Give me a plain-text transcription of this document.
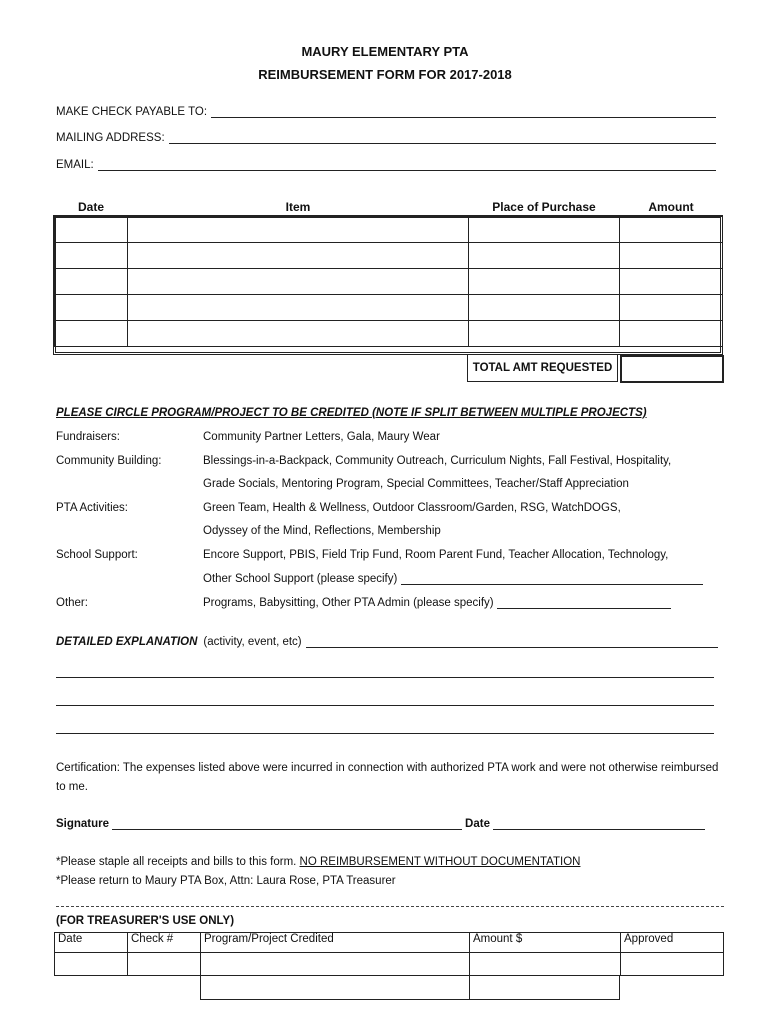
MAURY ELEMENTARY PTA
REIMBURSEMENT FORM FOR 2017-2018
MAKE CHECK PAYABLE TO:
MAILING ADDRESS:
EMAIL:
Date	Item	Place of Purchase	Amount

TOTAL AMT REQUESTED
PLEASE CIRCLE PROGRAM/PROJECT TO BE CREDITED (NOTE IF SPLIT BETWEEN MULTIPLE PROJECTS)
Fundraisers:	Community Partner Letters, Gala, Maury Wear
Community Building:	Blessings-in-a-Backpack, Community Outreach, Curriculum Nights, Fall Festival, Hospitality,
Grade Socials, Mentoring Program, Special Committees, Teacher/Staff Appreciation
PTA Activities:	Green Team, Health & Wellness, Outdoor Classroom/Garden, RSG, WatchDOGS,
Odyssey of the Mind, Reflections, Membership
School Support:	Encore Support, PBIS, Field Trip Fund, Room Parent Fund, Teacher Allocation, Technology,
Other School Support (please specify)
Other:	Programs, Babysitting, Other PTA Admin (please specify)
DETAILED EXPLANATION (activity, event, etc)
Certification: The expenses listed above were incurred in connection with authorized PTA work and were not otherwise reimbursed to me.
Signature	Date
*Please staple all receipts and bills to this form. NO REIMBURSEMENT WITHOUT DOCUMENTATION
*Please return to Maury PTA Box, Attn: Laura Rose, PTA Treasurer
(FOR TREASURER'S USE ONLY)
Date	Check #	Program/Project Credited	Amount $	Approved
